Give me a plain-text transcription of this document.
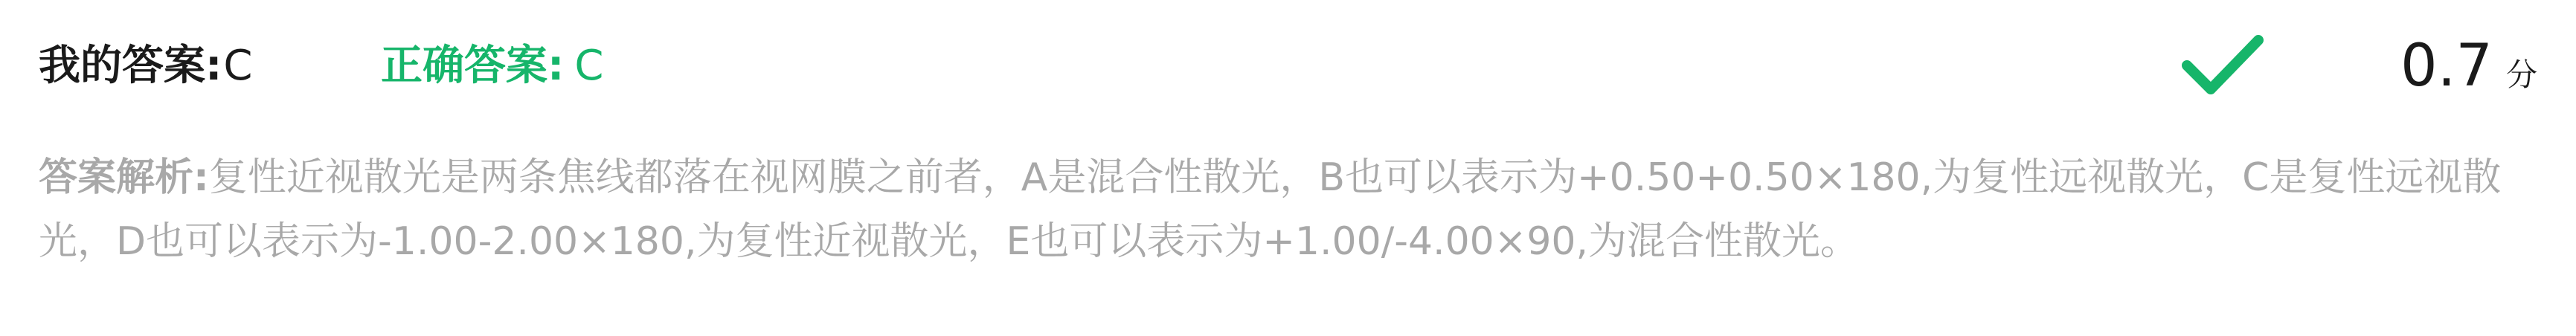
我的答案:C	正确答案: C	0.7 分
答案解析:复性近视散光是两条焦线都落在视网膜之前者，A是混合性散光，B也可以表示为+0.50+0.50×180,为复性远视散光，C是复性远视散光，D也可以表示为-1.00-2.00×180,为复性近视散光，E也可以表示为+1.00/-4.00×90,为混合性散光。
